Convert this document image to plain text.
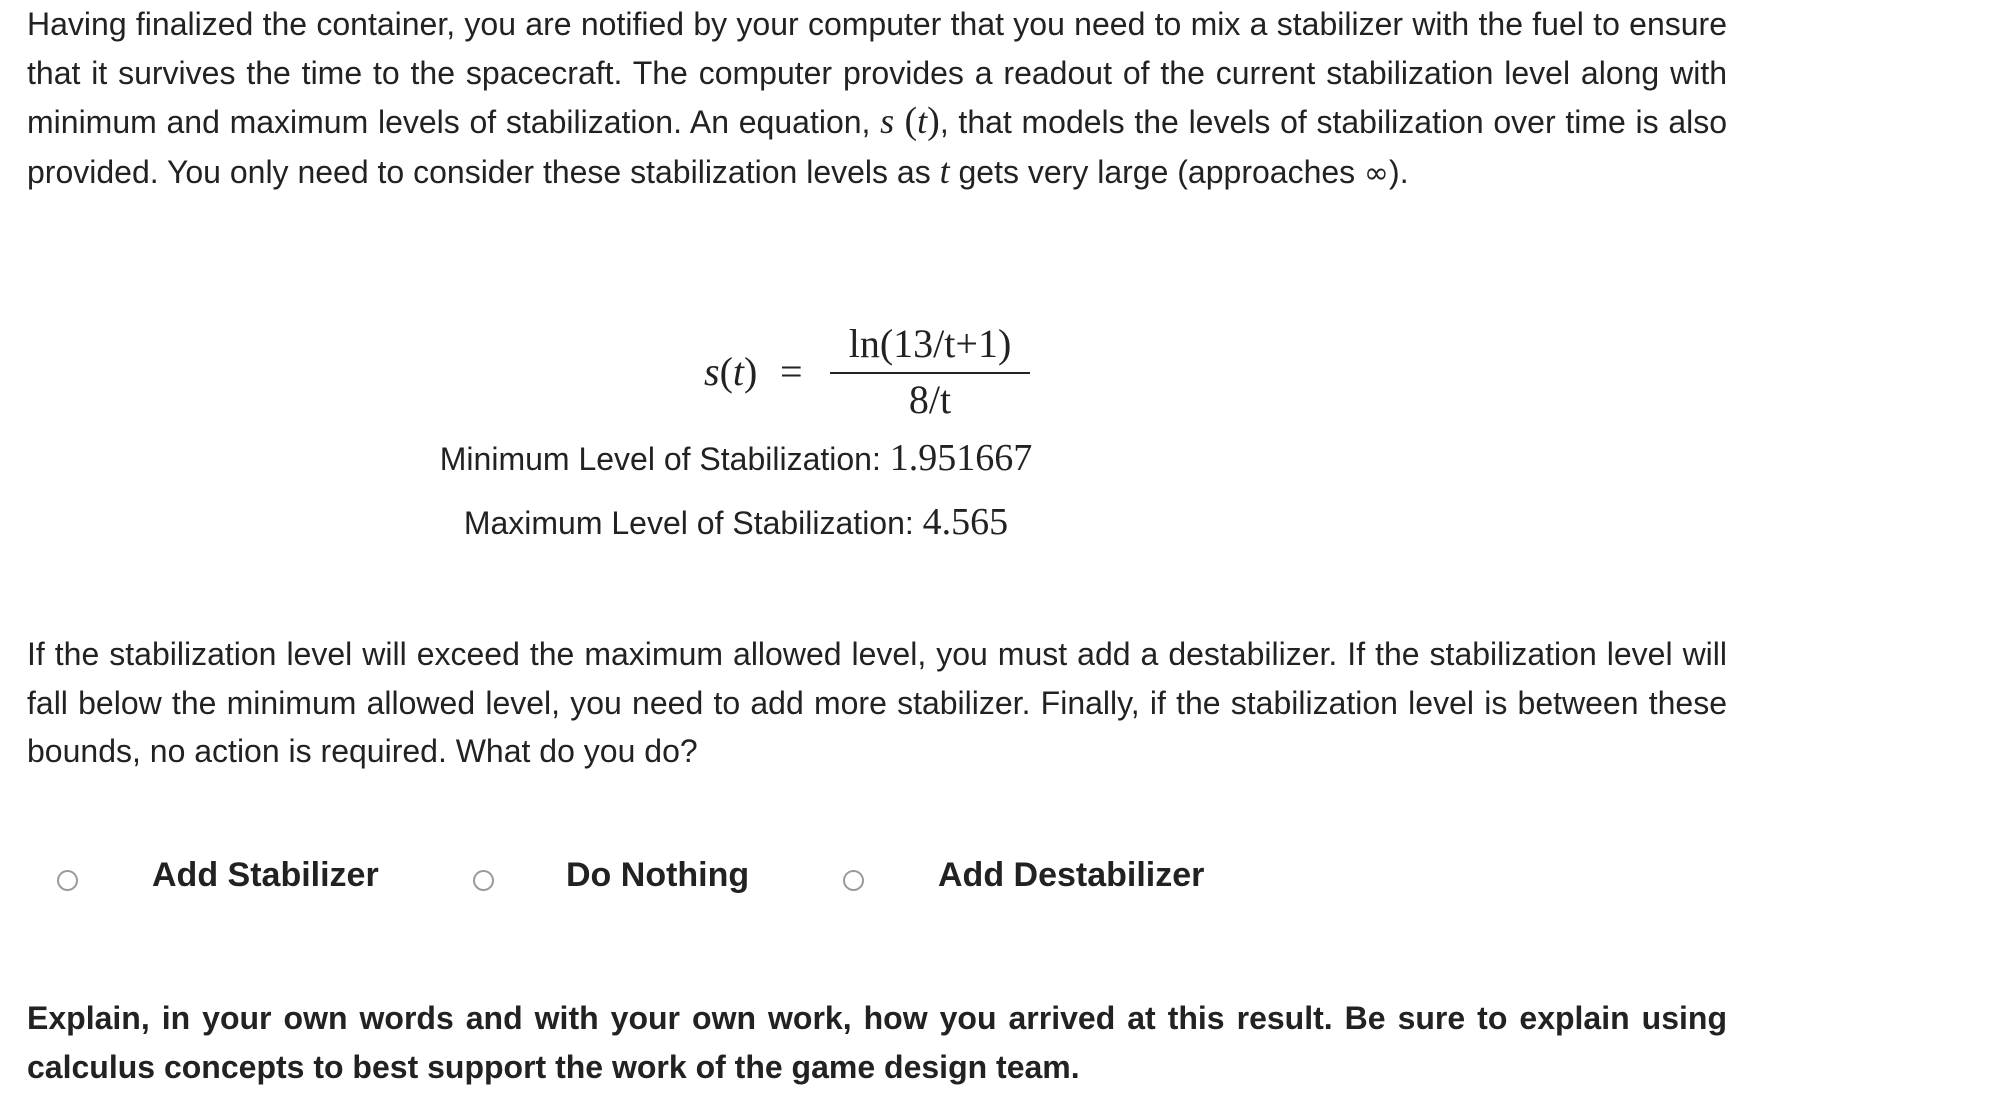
Having finalized the container, you are notified by your computer that you need to mix a stabilizer with the fuel to ensure that it survives the time to the spacecraft. The computer provides a readout of the current stabilization level along with minimum and maximum levels of stabilization. An equation, s (t), that models the levels of stabilization over time is also provided. You only need to consider these stabilization levels as t gets very large (approaches ∞).

s(t) =
ln(13/t+1)
8/t
Minimum Level of Stabilization: 1.951667
Maximum Level of Stabilization: 4.565

If the stabilization level will exceed the maximum allowed level, you must add a destabilizer. If the stabilization level will fall below the minimum allowed level, you need to add more stabilizer. Finally, if the stabilization level is between these bounds, no action is required. What do you do?

Add Stabilizer	Do Nothing	Add Destabilizer

Explain, in your own words and with your own work, how you arrived at this result. Be sure to explain using calculus concepts to best support the work of the game design team.
